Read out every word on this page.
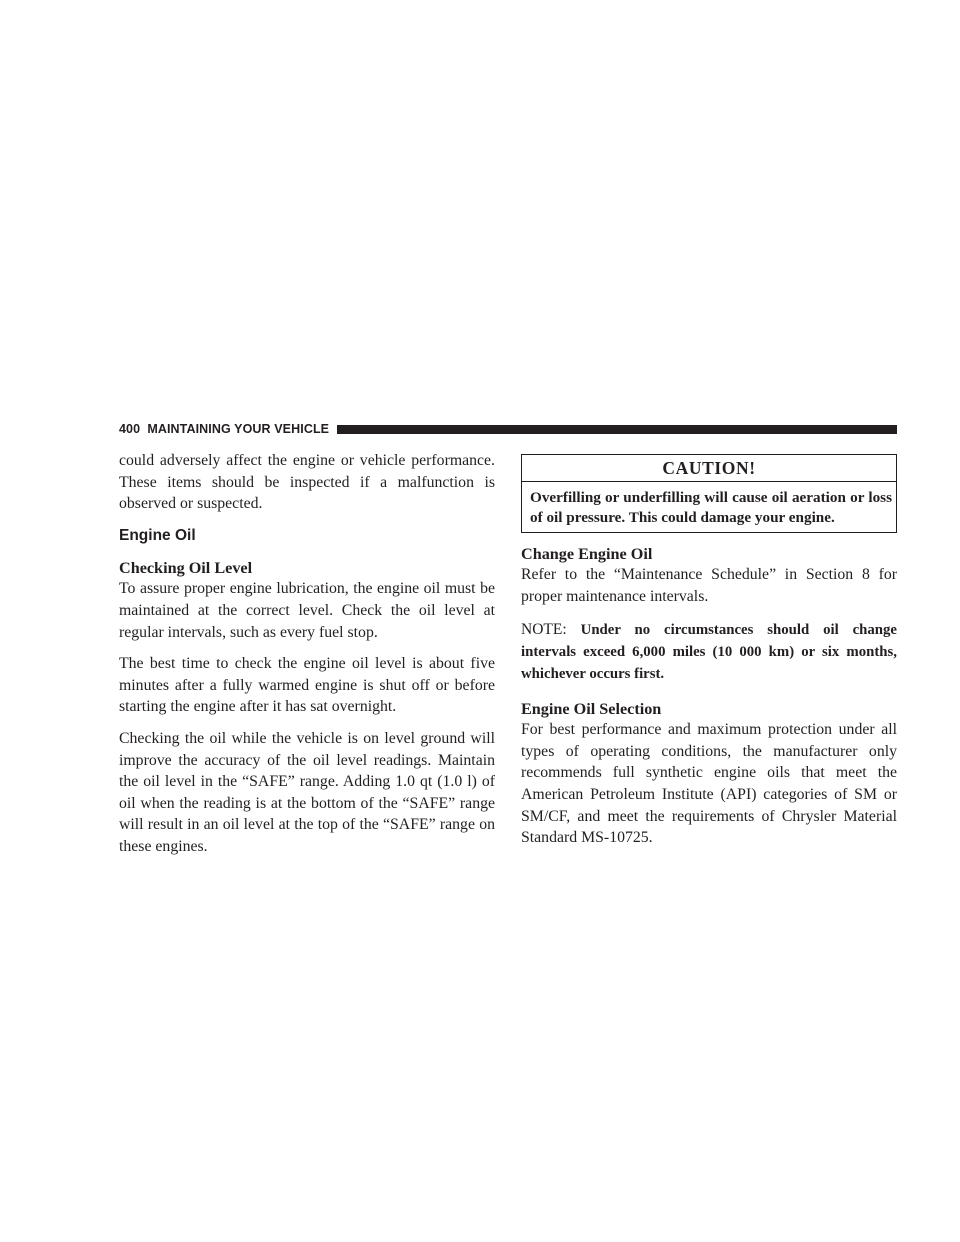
400 MAINTAINING YOUR VEHICLE

could adversely affect the engine or vehicle performance. These items should be inspected if a malfunction is observed or suspected.

Engine Oil
Checking Oil Level

To assure proper engine lubrication, the engine oil must be maintained at the correct level. Check the oil level at regular intervals, such as every fuel stop.

The best time to check the engine oil level is about five minutes after a fully warmed engine is shut off or before starting the engine after it has sat overnight.

Checking the oil while the vehicle is on level ground will improve the accuracy of the oil level readings. Maintain the oil level in the “SAFE” range. Adding 1.0 qt (1.0 l) of oil when the reading is at the bottom of the “SAFE” range will result in an oil level at the top of the “SAFE” range on these engines.

CAUTION!
Overfilling or underfilling will cause oil aeration or loss of oil pressure. This could damage your engine.
Change Engine Oil

Refer to the “Maintenance Schedule” in Section 8 for proper maintenance intervals.

NOTE: Under no circumstances should oil change intervals exceed 6,000 miles (10 000 km) or six months, whichever occurs first.

Engine Oil Selection

For best performance and maximum protection under all types of operating conditions, the manufacturer only recommends full synthetic engine oils that meet the American Petroleum Institute (API) categories of SM or SM/CF, and meet the requirements of Chrysler Material Standard MS-10725.
